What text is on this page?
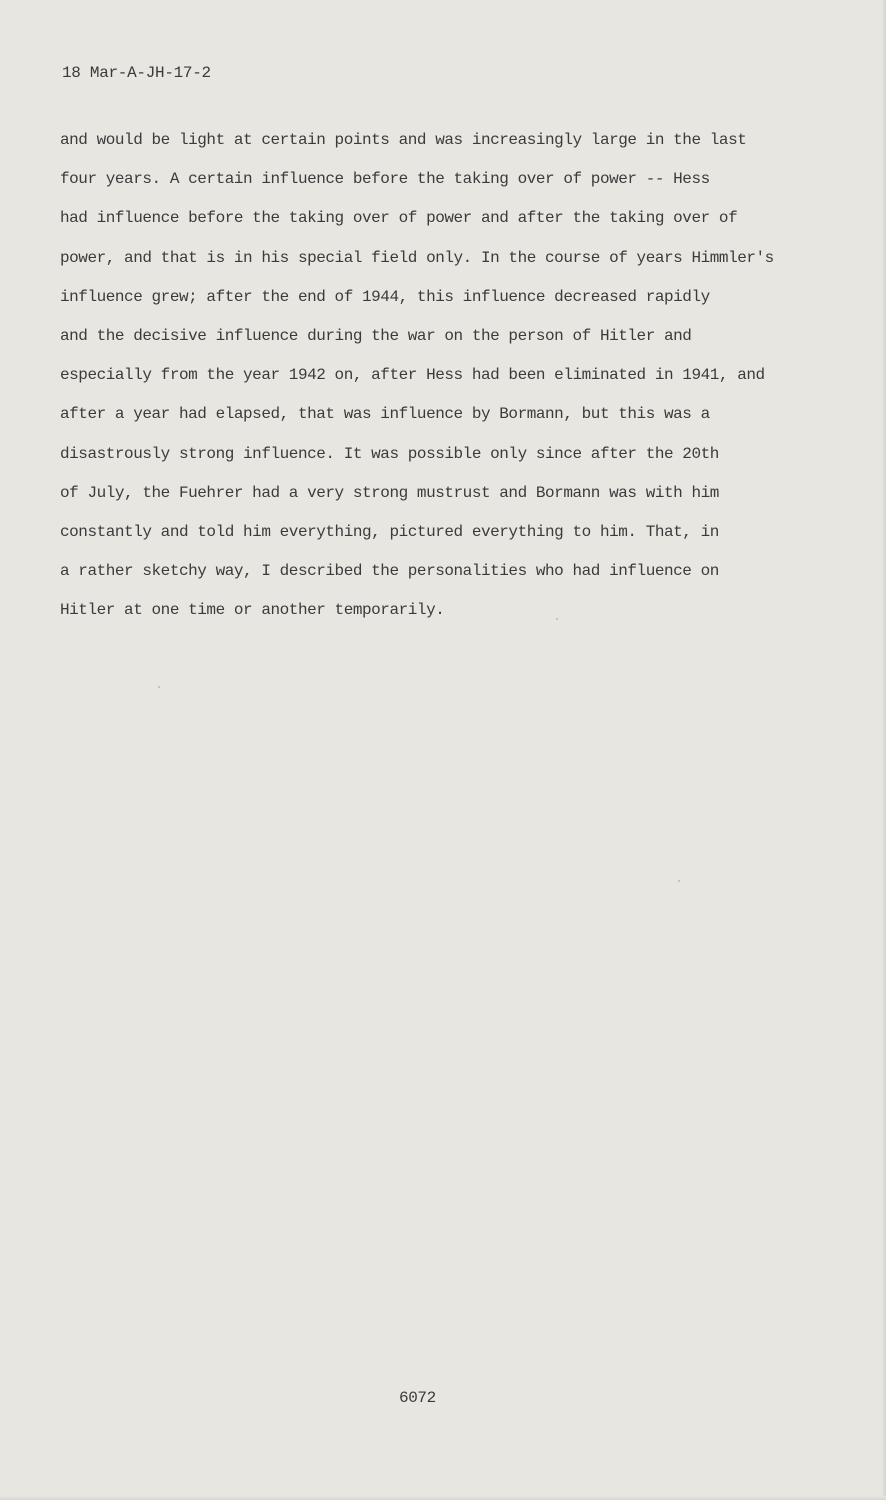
18 Mar-A-JH-17-2
and would be light at certain points and was increasingly large in the last
four years. A certain influence before the taking over of power -- Hess
had influence before the taking over of power and after the taking over of
power, and that is in his special field only. In the course of years Himmler's
influence grew; after the end of 1944, this influence decreased rapidly
and the decisive influence during the war on the person of Hitler and
especially from the year 1942 on, after Hess had been eliminated in 1941, and
after a year had elapsed, that was influence by Bormann, but this was a
disastrously strong influence. It was possible only since after the 20th
of July, the Fuehrer had a very strong mustrust and Bormann was with him
constantly and told him everything, pictured everything to him. That, in
a rather sketchy way, I described the personalities who had influence on
Hitler at one time or another temporarily.
6072
